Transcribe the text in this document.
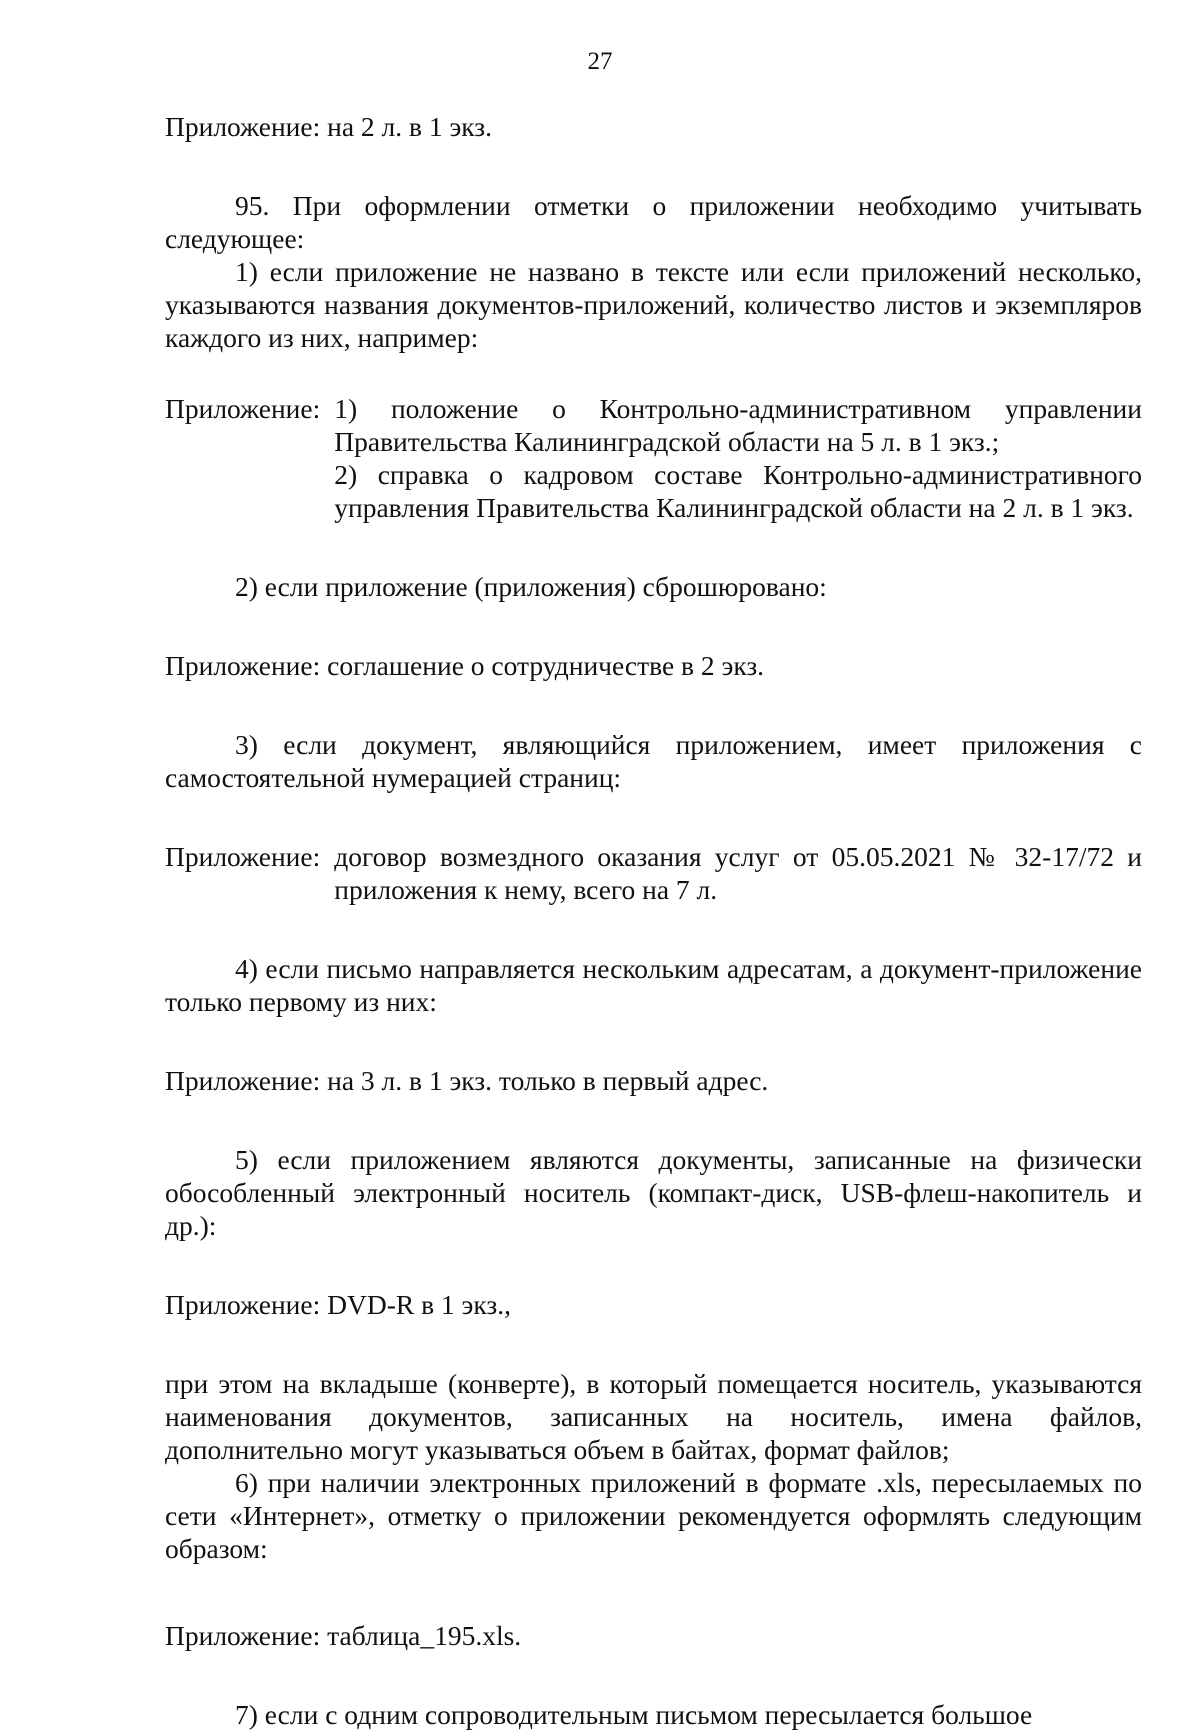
27

Приложение: на 2 л. в 1 экз.

95. При оформлении отметки о приложении необходимо учитывать следующее:

1) если приложение не названо в тексте или если приложений несколько, указываются названия документов-приложений, количество листов и экземпляров каждого из них, например:

Приложение: 1) положение о Контрольно-административном управлении Правительства Калининградской области на 5 л. в 1 экз.;

2) справка о кадровом составе Контрольно-административного управления Правительства Калининградской области на 2 л. в 1 экз.

2) если приложение (приложения) сброшюровано:

Приложение: соглашение о сотрудничестве в 2 экз.

3) если документ, являющийся приложением, имеет приложения с самостоятельной нумерацией страниц:

Приложение: договор возмездного оказания услуг от 05.05.2021 № 32-17/72 и приложения к нему, всего на 7 л.

4) если письмо направляется нескольким адресатам, а документ-приложение только первому из них:

Приложение: на 3 л. в 1 экз. только в первый адрес.

5) если приложением являются документы, записанные на физически обособленный электронный носитель (компакт-диск, USB-флеш-накопитель и др.):

Приложение: DVD-R в 1 экз.,

при этом на вкладыше (конверте), в который помещается носитель, указываются наименования документов, записанных на носитель, имена файлов, дополнительно могут указываться объем в байтах, формат файлов;

6) при наличии электронных приложений в формате .xls, пересылаемых по сети «Интернет», отметку о приложении рекомендуется оформлять следующим образом:

Приложение: таблица_195.xls.

7) если с одним сопроводительным письмом пересылается большое
